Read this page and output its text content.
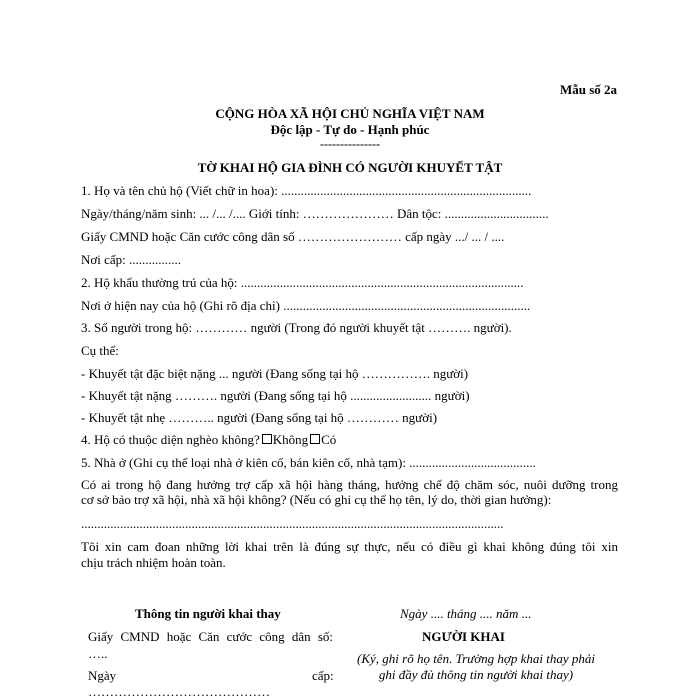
Mẫu số 2a
CỘNG HÒA XÃ HỘI CHỦ NGHĨA VIỆT NAM
Độc lập - Tự do - Hạnh phúc
---------------
TỜ KHAI HỘ GIA ĐÌNH CÓ NGƯỜI KHUYẾT TẬT
1. Họ và tên chủ hộ (Viết chữ in hoa): .............................................................................
Ngày/tháng/năm sinh: ... /... /.... Giới tính: ………………… Dân tộc: ................................
Giấy CMND hoặc Căn cước công dân số …………………… cấp ngày .../ ... / ....
Nơi cấp: ................
2. Hộ khẩu thường trú của hộ: .......................................................................................
Nơi ở hiện nay của hộ (Ghi rõ địa chỉ) ............................................................................
3. Số người trong hộ: ………… người (Trong đó người khuyết tật ………. người).
Cụ thể:
- Khuyết tật đặc biệt nặng ... người (Đang sống tại hộ ……………. người)
- Khuyết tật nặng ………. người (Đang sống tại hộ ......................... người)
- Khuyết tật nhẹ ……….. người (Đang sống tại hộ ………… người)
4. Hộ có thuộc diện nghèo không? Không Có
5. Nhà ở (Ghi cụ thể loại nhà ở kiên cố, bán kiên cố, nhà tạm): .......................................
Có ai trong hộ đang hưởng trợ cấp xã hội hàng tháng, hưởng chế độ chăm sóc, nuôi dưỡng trong
cơ sở bảo trợ xã hội, nhà xã hội không? (Nếu có ghi cụ thể họ tên, lý do, thời gian hưởng):
..................................................................................................................................
Tôi xin cam đoan những lời khai trên là đúng sự thực, nếu có điều gì khai không đúng tôi xin
chịu trách nhiệm hoàn toàn.
Thông tin người khai thay	Ngày .... tháng .... năm ...
Giấy CMND hoặc Căn cước công dân số:	NGƯỜI KHAI
…..	(Ký, ghi rõ họ tên. Trường hợp khai thay phải
Ngày	cấp:	ghi đầy đủ thông tin người khai thay)
……………………………………
